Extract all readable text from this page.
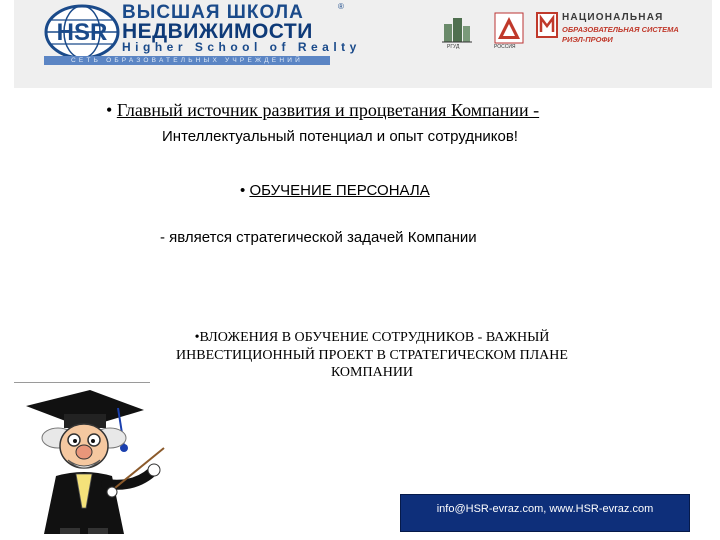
HSR
ВЫСШАЯ ШКОЛА	®
НЕДВИЖИМОСТИ
Higher School of Realty
СЕТЬ ОБРАЗОВАТЕЛЬНЫХ УЧРЕЖДЕНИЙ
РГУД	РОССИЯ
НАЦИОНАЛЬНАЯ
ОБРАЗОВАТЕЛЬНАЯ СИСТЕМА
РИЭЛ-ПРОФИ
• Главный источник развития и процветания Компании -
Интеллектуальный потенциал и опыт сотрудников!
• ОБУЧЕНИЕ ПЕРСОНАЛА
- является стратегической задачей Компании
•ВЛОЖЕНИЯ В ОБУЧЕНИЕ СОТРУДНИКОВ - ВАЖНЫЙ
ИНВЕСТИЦИОННЫЙ ПРОЕКТ В СТРАТЕГИЧЕСКОМ ПЛАНЕ
КОМПАНИИ
info@HSR-evraz.com, www.HSR-evraz.com
